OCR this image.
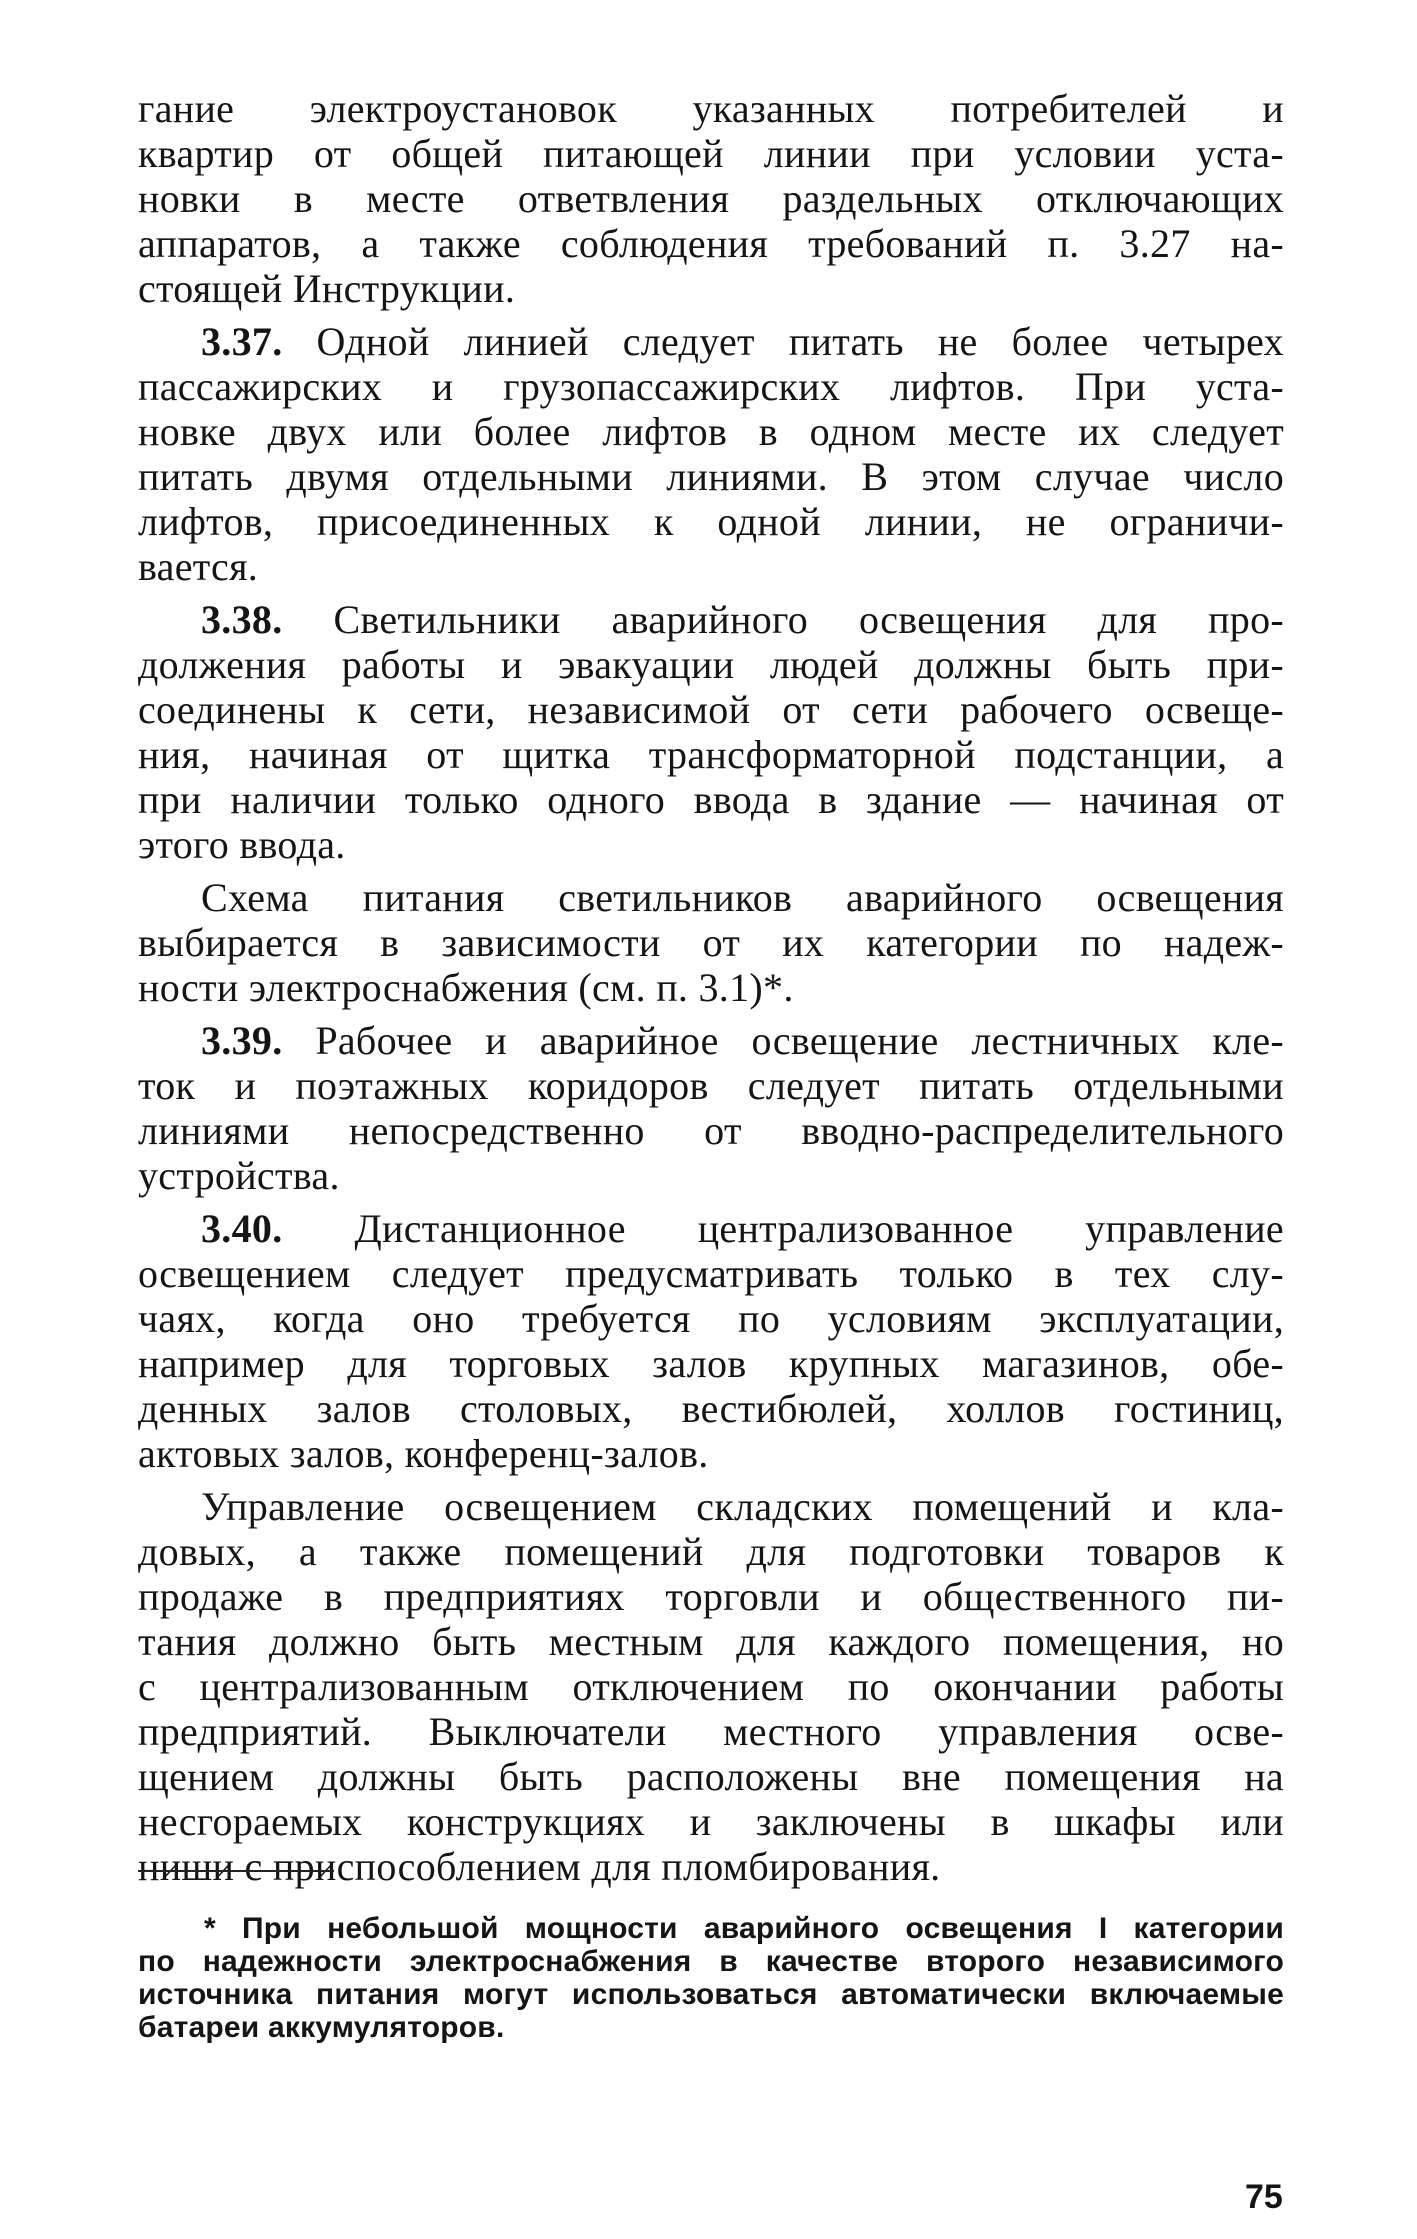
гание электроустановок указанных потребителей и
квартир от общей питающей линии при условии уста-
новки в месте ответвления раздельных отключающих
аппаратов, а также соблюдения требований п. 3.27 на-
стоящей Инструкции.
3.37. Одной линией следует питать не более четырех
пассажирских и грузопассажирских лифтов. При уста-
новке двух или более лифтов в одном месте их следует
питать двумя отдельными линиями. В этом случае число
лифтов, присоединенных к одной линии, не ограничи-
вается.
3.38. Светильники аварийного освещения для про-
должения работы и эвакуации людей должны быть при-
соединены к сети, независимой от сети рабочего освеще-
ния, начиная от щитка трансформаторной подстанции, а
при наличии только одного ввода в здание — начиная от
этого ввода.
Схема питания светильников аварийного освещения
выбирается в зависимости от их категории по надеж-
ности электроснабжения (см. п. 3.1)*.
3.39. Рабочее и аварийное освещение лестничных кле-
ток и поэтажных коридоров следует питать отдельными
линиями непосредственно от вводно-распределительного
устройства.
3.40. Дистанционное централизованное управление
освещением следует предусматривать только в тех слу-
чаях, когда оно требуется по условиям эксплуатации,
например для торговых залов крупных магазинов, обе-
денных залов столовых, вестибюлей, холлов гостиниц,
актовых залов, конференц-залов.
Управление освещением складских помещений и кла-
довых, а также помещений для подготовки товаров к
продаже в предприятиях торговли и общественного пи-
тания должно быть местным для каждого помещения, но
с централизованным отключением по окончании работы
предприятий. Выключатели местного управления осве-
щением должны быть расположены вне помещения на
несгораемых конструкциях и заключены в шкафы или
ниши с приспособлением для пломбирования.
* При небольшой мощности аварийного освещения I категории
по надежности электроснабжения в качестве второго независимого
источника питания могут использоваться автоматически включаемые
батареи аккумуляторов.
75
